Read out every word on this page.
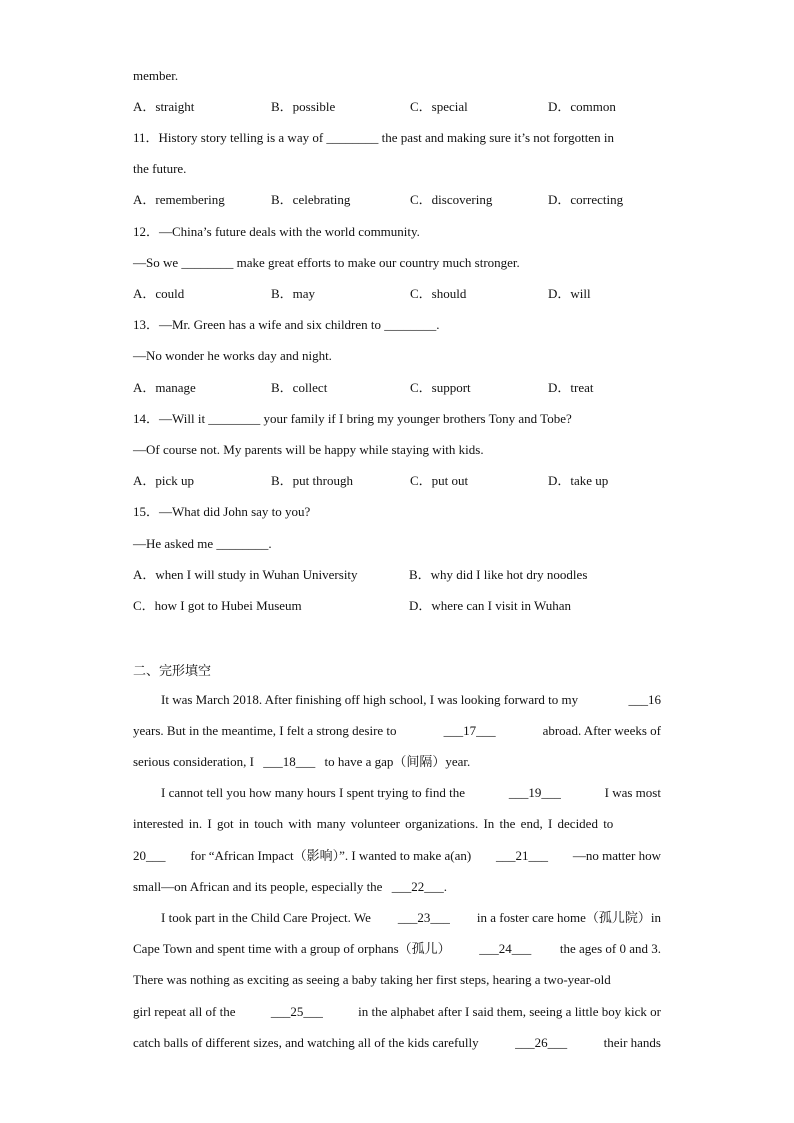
member.
A．straight	B．possible	C．special	D．common
11．History story telling is a way of ________ the past and making sure it’s not forgotten in
the future.
A．remembering	B．celebrating	C．discovering	D．correcting
12．—China’s future deals with the world community.
—So we ________ make great efforts to make our country much stronger.
A．could	B．may	C．should	D．will
13．—Mr. Green has a wife and six children to ________.
—No wonder he works day and night.
A．manage	B．collect	C．support	D．treat
14．—Will it ________ your family if I bring my younger brothers Tony and Tobe?
—Of course not. My parents will be happy while staying with kids.
A．pick up	B．put through	C．put out	D．take up
15．—What did John say to you?
—He asked me ________.
A．when I will study in Wuhan University	B．why did I like hot dry noodles
C．how I got to Hubei Museum	D．where can I visit in Wuhan
二、完形填空
It was March 2018. After finishing off high school, I was looking forward to my	___16
years. But in the meantime, I felt a strong desire to	___17___	abroad. After weeks of
serious consideration, I ___18___ to have a gap（间隔）year.
I cannot tell you how many hours I spent trying to find the	___19___	I was most
interested in. I got in touch with many volunteer organizations. In the end, I decided to
20___ for “African Impact（影响）”. I wanted to make a(an) ___21___ —no matter how
small—on African and its people, especially the ___22___.
I took part in the Child Care Project. We ___23___ in a foster care home（孤儿院）in
Cape Town and spent time with a group of orphans（孤儿） ___24___ the ages of 0 and 3.
There was nothing as exciting as seeing a baby taking her first steps, hearing a two-year-old
girl repeat all of the	___25___	in the alphabet after I said them, seeing a little boy kick or
catch balls of different sizes, and watching all of the kids carefully	___26___	their hands
